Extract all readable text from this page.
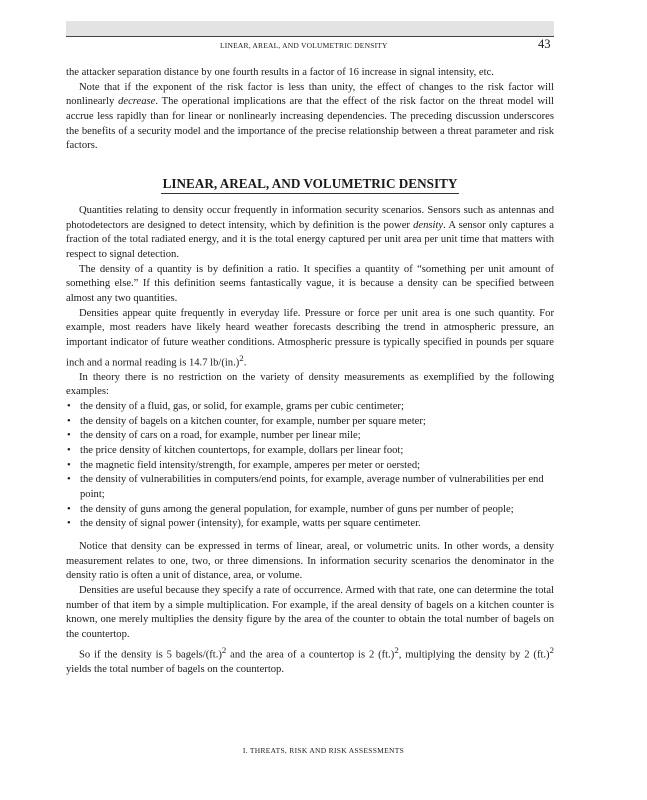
LINEAR, AREAL, AND VOLUMETRIC DENSITY	43

the attacker separation distance by one fourth results in a factor of 16 increase in signal intensity, etc.

Note that if the exponent of the risk factor is less than unity, the effect of changes to the risk factor will nonlinearly decrease. The operational implications are that the effect of the risk factor on the threat model will accrue less rapidly than for linear or nonlinearly increasing dependencies. The preceding discussion underscores the benefits of a security model and the importance of the precise relationship between a threat parameter and risk factors.

LINEAR, AREAL, AND VOLUMETRIC DENSITY

Quantities relating to density occur frequently in information security scenarios. Sensors such as antennas and photodetectors are designed to detect intensity, which by definition is the power density. A sensor only captures a fraction of the total radiated energy, and it is the total energy captured per unit area per unit time that matters with respect to signal detection.

The density of a quantity is by definition a ratio. It specifies a quantity of “something per unit amount of something else.” If this definition seems fantastically vague, it is because a density can be specified between almost any two quantities.

Densities appear quite frequently in everyday life. Pressure or force per unit area is one such quantity. For example, most readers have likely heard weather forecasts describing the trend in atmospheric pressure, an important indicator of future weather conditions. Atmospheric pressure is typically specified in pounds per square inch and a normal reading is 14.7 $lb/(in.)^2$.

In theory there is no restriction on the variety of density measurements as exemplified by the following examples:

• the density of a fluid, gas, or solid, for example, grams per cubic centimeter;
• the density of bagels on a kitchen counter, for example, number per square meter;
• the density of cars on a road, for example, number per linear mile;
• the price density of kitchen countertops, for example, dollars per linear foot;
• the magnetic field intensity/strength, for example, amperes per meter or oersted;
• the density of vulnerabilities in computers/end points, for example, average number of vulnerabilities per end point;
• the density of guns among the general population, for example, number of guns per number of people;
• the density of signal power (intensity), for example, watts per square centimeter.

Notice that density can be expressed in terms of linear, areal, or volumetric units. In other words, a density measurement relates to one, two, or three dimensions. In information security scenarios the denominator in the density ratio is often a unit of distance, area, or volume.

Densities are useful because they specify a rate of occurrence. Armed with that rate, one can determine the total number of that item by a simple multiplication. For example, if the areal density of bagels on a kitchen counter is known, one merely multiplies the density figure by the area of the counter to obtain the total number of bagels on the countertop.

So if the density is 5 bagels/$(ft.)^2$ and the area of a countertop is 2 $(ft.)^2$, multiplying the density by 2 $(ft.)^2$ yields the total number of bagels on the countertop.

I. THREATS, RISK AND RISK ASSESSMENTS
